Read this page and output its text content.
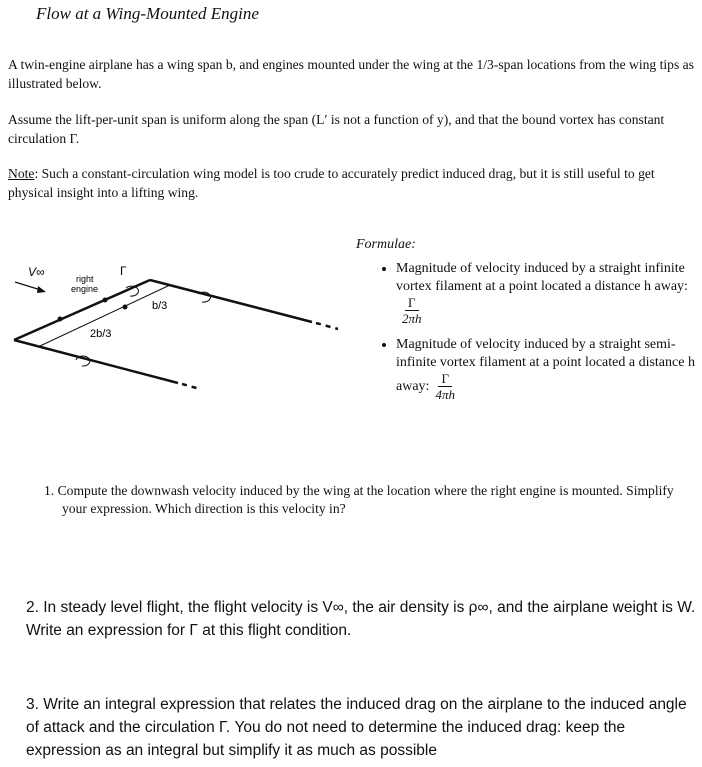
Flow at a Wing-Mounted Engine
A twin-engine airplane has a wing span b, and engines mounted under the wing at the 1/3-span locations from the wing tips as illustrated below.
Assume the lift-per-unit span is uniform along the span (L′ is not a function of y), and that the bound vortex has constant circulation Γ.
Note: Such a constant-circulation wing model is too crude to accurately predict induced drag, but it is still useful to get physical insight into a lifting wing.
V∞	right
engine
Γ
b/3
2b/3
Formulae:
• Magnitude of velocity induced by a straight infinite vortex filament at a point located a distance h away:
$\frac{\Gamma}{2\pi h}$
• Magnitude of velocity induced by a straight semi-infinite vortex filament at a point located a distance h away: $\frac{\Gamma}{4\pi h}$
1. Compute the downwash velocity induced by the wing at the location where the right engine is mounted. Simplify your expression. Which direction is this velocity in?
2. In steady level flight, the flight velocity is V∞, the air density is ρ∞, and the airplane weight is W. Write an expression for Γ at this flight condition.
3. Write an integral expression that relates the induced drag on the airplane to the induced angle of attack and the circulation Γ. You do not need to determine the induced drag: keep the expression as an integral but simplify it as much as possible
